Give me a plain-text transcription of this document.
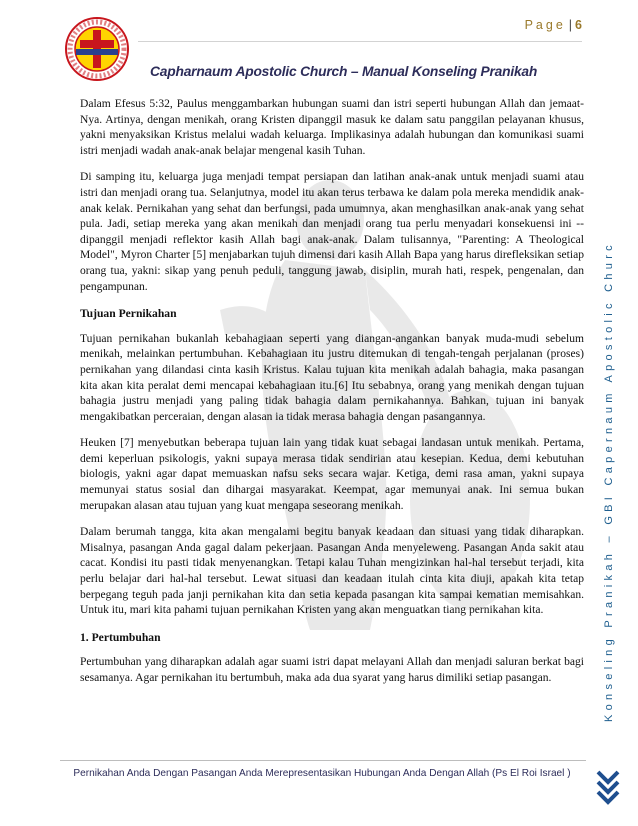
Page | 6
Capharnaum Apostolic Church – Manual Konseling Pranikah

Dalam Efesus 5:32, Paulus menggambarkan hubungan suami dan istri seperti hubungan Allah dan jemaat-Nya. Artinya, dengan menikah, orang Kristen dipanggil masuk ke dalam satu panggilan pelayanan khusus, yakni menyaksikan Kristus melalui wadah keluarga. Implikasinya adalah hubungan dan komunikasi suami istri menjadi wadah anak-anak belajar mengenal kasih Tuhan.

Di samping itu, keluarga juga menjadi tempat persiapan dan latihan anak-anak untuk menjadi suami atau istri dan menjadi orang tua. Selanjutnya, model itu akan terus terbawa ke dalam pola mereka mendidik anak-anak kelak. Pernikahan yang sehat dan berfungsi, pada umumnya, akan menghasilkan anak-anak yang sehat pula. Jadi, setiap mereka yang akan menikah dan menjadi orang tua perlu menyadari konsekuensi ini -- dipanggil menjadi reflektor kasih Allah bagi anak-anak. Dalam tulisannya, "Parenting: A Theological Model", Myron Charter [5] menjabarkan tujuh dimensi dari kasih Allah Bapa yang harus direfleksikan setiap orang tua, yakni: sikap yang penuh peduli, tanggung jawab, disiplin, murah hati, respek, pengenalan, dan pengampunan.

Tujuan Pernikahan

Tujuan pernikahan bukanlah kebahagiaan seperti yang diangan-angankan banyak muda-mudi sebelum menikah, melainkan pertumbuhan. Kebahagiaan itu justru ditemukan di tengah-tengah perjalanan (proses) pernikahan yang dilandasi cinta kasih Kristus. Kalau tujuan kita menikah adalah bahagia, maka pasangan kita akan kita peralat demi mencapai kebahagiaan itu.[6] Itu sebabnya, orang yang menikah dengan tujuan bahagia justru menjadi yang paling tidak bahagia dalam pernikahannya. Bahkan, tujuan ini banyak mengakibatkan perceraian, dengan alasan ia tidak merasa bahagia dengan pasangannya.

Heuken [7] menyebutkan beberapa tujuan lain yang tidak kuat sebagai landasan untuk menikah. Pertama, demi keperluan psikologis, yakni supaya merasa tidak sendirian atau kesepian. Kedua, demi kebutuhan biologis, yakni agar dapat memuaskan nafsu seks secara wajar. Ketiga, demi rasa aman, yakni supaya memunyai status sosial dan dihargai masyarakat. Keempat, agar memunyai anak. Ini semua bukan merupakan alasan atau tujuan yang kuat mengapa seseorang menikah.

Dalam berumah tangga, kita akan mengalami begitu banyak keadaan dan situasi yang tidak diharapkan. Misalnya, pasangan Anda gagal dalam pekerjaan. Pasangan Anda menyeleweng. Pasangan Anda sakit atau cacat. Kondisi itu pasti tidak menyenangkan. Tetapi kalau Tuhan mengizinkan hal-hal tersebut terjadi, kita perlu belajar dari hal-hal tersebut. Lewat situasi dan keadaan itulah cinta kita diuji, apakah kita tetap berpegang teguh pada janji pernikahan kita dan setia kepada pasangan kita sampai kematian memisahkan. Untuk itu, mari kita pahami tujuan pernikahan Kristen yang akan menguatkan tiang pernikahan kita.

1. Pertumbuhan

Pertumbuhan yang diharapkan adalah agar suami istri dapat melayani Allah dan menjadi saluran berkat bagi sesamanya. Agar pernikahan itu bertumbuh, maka ada dua syarat yang harus dimiliki setiap pasangan.	Konseling Pranikah – GBI Capernaum Apostolic Churc
Pernikahan Anda Dengan Pasangan Anda Merepresentasikan Hubungan Anda Dengan Allah (Ps El Roi Israel )
